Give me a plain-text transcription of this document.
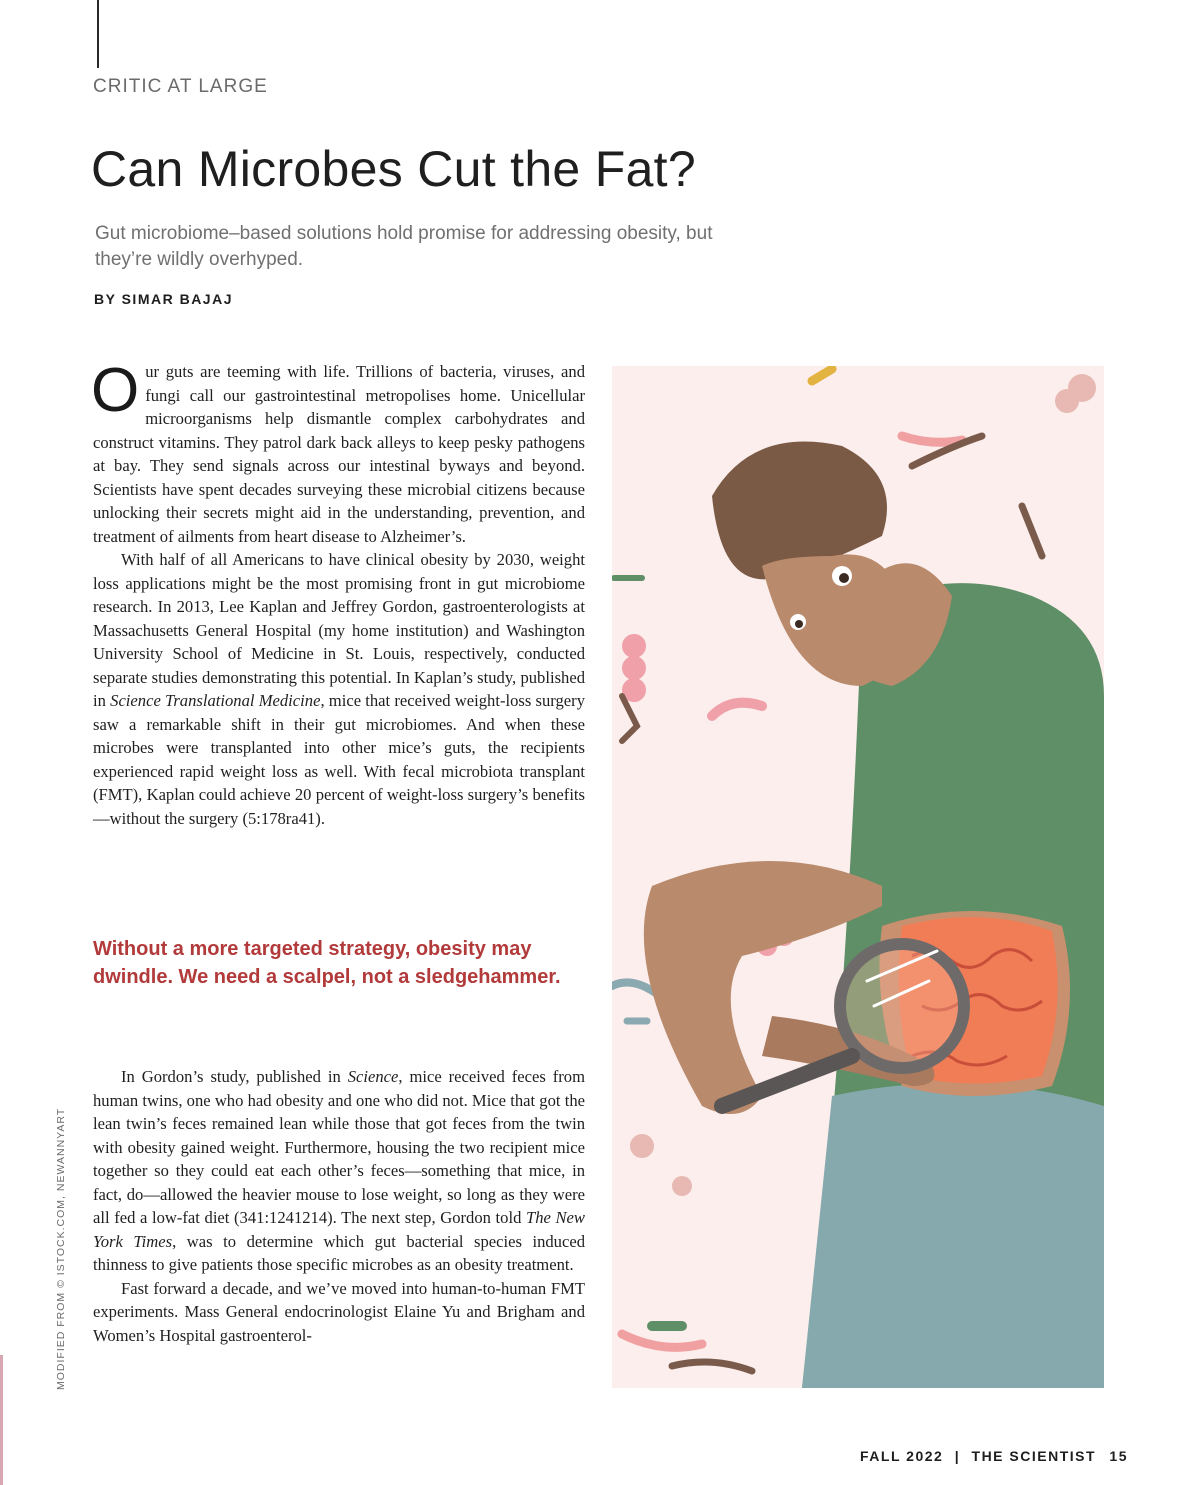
CRITIC AT LARGE
Can Microbes Cut the Fat?

Gut microbiome–based solutions hold promise for addressing obesity, but they’re wildly overhyped.

BY SIMAR BAJAJ

Our guts are teeming with life. Trillions of bacteria, viruses, and fungi call our gastrointestinal metropolises home. Unicellular microorganisms help dismantle complex carbohydrates and construct vitamins. They patrol dark back alleys to keep pesky pathogens at bay. They send signals across our intestinal byways and beyond. Scientists have spent decades surveying these microbial citizens because unlocking their secrets might aid in the understanding, prevention, and treatment of ailments from heart disease to Alzheimer’s.

With half of all Americans to have clinical obesity by 2030, weight loss applications might be the most promising front in gut microbiome research. In 2013, Lee Kaplan and Jeffrey Gordon, gastroenterologists at Massachusetts General Hospital (my home institution) and Washington University School of Medicine in St. Louis, respectively, conducted separate studies demonstrating this potential. In Kaplan’s study, published in Science Translational Medicine, mice that received weight-loss surgery saw a remarkable shift in their gut microbiomes. And when these microbes were transplanted into other mice’s guts, the recipients experienced rapid weight loss as well. With fecal microbiota transplant (FMT), Kaplan could achieve 20 percent of weight-loss surgery’s benefits—without the surgery (5:178ra41).

Without a more targeted strategy, obesity may dwindle. We need a scalpel, not a sledgehammer.

In Gordon’s study, published in Science, mice received feces from human twins, one who had obesity and one who did not. Mice that got the lean twin’s feces remained lean while those that got feces from the twin with obesity gained weight. Furthermore, housing the two recipient mice together so they could eat each other’s feces—something that mice, in fact, do—allowed the heavier mouse to lose weight, so long as they were all fed a low-fat diet (341:1241214). The next step, Gordon told The New York Times, was to determine which gut bacterial species induced thinness to give patients those specific microbes as an obesity treatment.

Fast forward a decade, and we’ve moved into human-to-human FMT experiments. Mass General endocrinologist Elaine Yu and Brigham and Women’s Hospital gastroenterol-

MODIFIED FROM © ISTOCK.COM, NEWANNYART
FALL 2022 | THE SCIENTIST 15
